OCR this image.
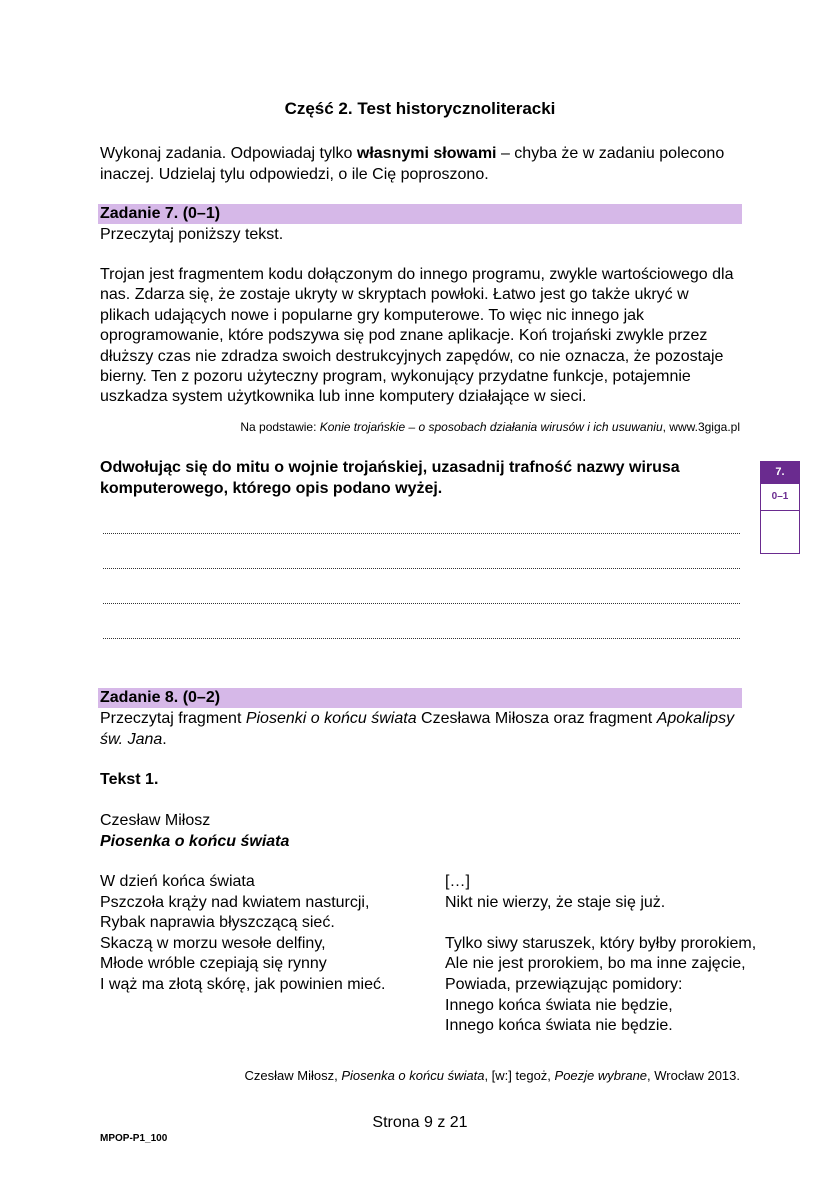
Część 2. Test historycznoliteracki
Wykonaj zadania. Odpowiadaj tylko własnymi słowami – chyba że w zadaniu polecono inaczej. Udzielaj tylu odpowiedzi, o ile Cię poproszono.
Zadanie 7. (0–1)
Przeczytaj poniższy tekst.
Trojan jest fragmentem kodu dołączonym do innego programu, zwykle wartościowego dla nas. Zdarza się, że zostaje ukryty w skryptach powłoki. Łatwo jest go także ukryć w plikach udających nowe i popularne gry komputerowe. To więc nic innego jak oprogramowanie, które podszywa się pod znane aplikacje. Koń trojański zwykle przez dłuższy czas nie zdradza swoich destrukcyjnych zapędów, co nie oznacza, że pozostaje bierny. Ten z pozoru użyteczny program, wykonujący przydatne funkcje, potajemnie uszkadza system użytkownika lub inne komputery działające w sieci.
Na podstawie: Konie trojańskie – o sposobach działania wirusów i ich usuwaniu, www.3giga.pl
Odwołując się do mitu o wojnie trojańskiej, uzasadnij trafność nazwy wirusa komputerowego, którego opis podano wyżej.
7.
0–1
Zadanie 8. (0–2)
Przeczytaj fragment Piosenki o końcu świata Czesława Miłosza oraz fragment Apokalipsy
św. Jana.
Tekst 1.
Czesław Miłosz
Piosenka o końcu świata
W dzień końca świata
Pszczoła krąży nad kwiatem nasturcji,
Rybak naprawia błyszczącą sieć.
Skaczą w morzu wesołe delfiny,
Młode wróble czepiają się rynny
I wąż ma złotą skórę, jak powinien mieć.
[…]
Nikt nie wierzy, że staje się już.
Tylko siwy staruszek, który byłby prorokiem,
Ale nie jest prorokiem, bo ma inne zajęcie,
Powiada, przewiązując pomidory:
Innego końca świata nie będzie,
Innego końca świata nie będzie.
Czesław Miłosz, Piosenka o końcu świata, [w:] tegoż, Poezje wybrane, Wrocław 2013.
Strona 9 z 21
MPOP-P1_100
